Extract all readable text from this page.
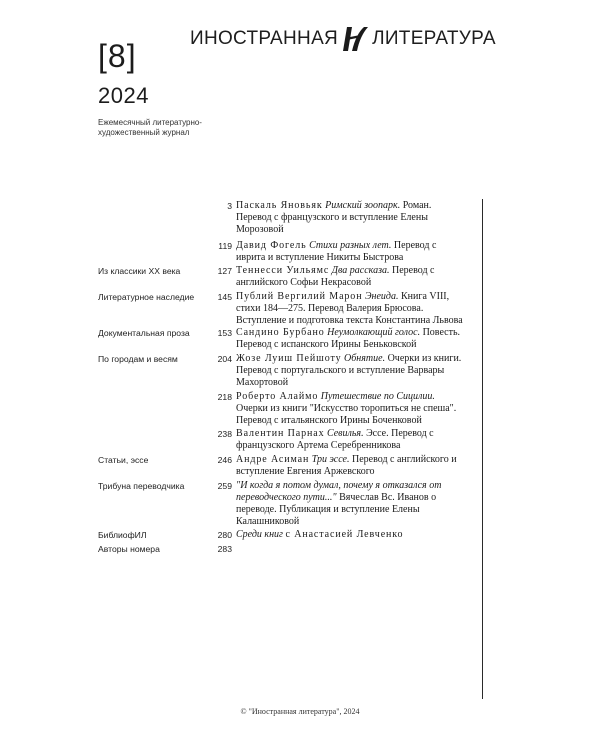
ИНОСТРАННАЯ ЛИТЕРАТУРА
[8]
2024
Ежемесячный литературно-художественный журнал
3 Паскаль Яновьяк Римский зоопарк. Роман. Перевод с французского и вступление Елены Морозовой
119 Давид Фогель Стихи разных лет. Перевод с иврита и вступление Никиты Быстрова
Из классики XX века	127 Теннесси Уильямс Два рассказа. Перевод с английского Софьи Некрасовой
Литературное наследие	145 Публий Вергилий Марон Энеида. Книга VIII, стихи 184—275. Перевод Валерия Брюсова. Вступление и подготовка текста Константина Львова
Документальная проза	153 Сандино Бурбано Неумолкающий голос. Повесть. Перевод с испанского Ирины Беньковской
По городам и весям	204 Жозе Луиш Пейшоту Обнятие. Очерки из книги. Перевод с португальского и вступление Варвары Махортовой
218 Роберто Алаймо Путешествие по Сицилии. Очерки из книги "Искусство торопиться не спеша". Перевод с итальянского Ирины Боченковой
238 Валентин Парнах Севилья. Эссе. Перевод с французского Артема Серебренникова
Статьи, эссе	246 Андре Асиман Три эссе. Перевод с английского и вступление Евгения Аржевского
Трибуна переводчика	259 "И когда я потом думал, почему я отказался от переводческого пути..." Вячеслав Вс. Иванов о переводе. Публикация и вступление Елены Калашниковой
БиблиофИЛ	280 Среди книг с Анастасией Левченко
Авторы номера	283
© "Иностранная литература", 2024
